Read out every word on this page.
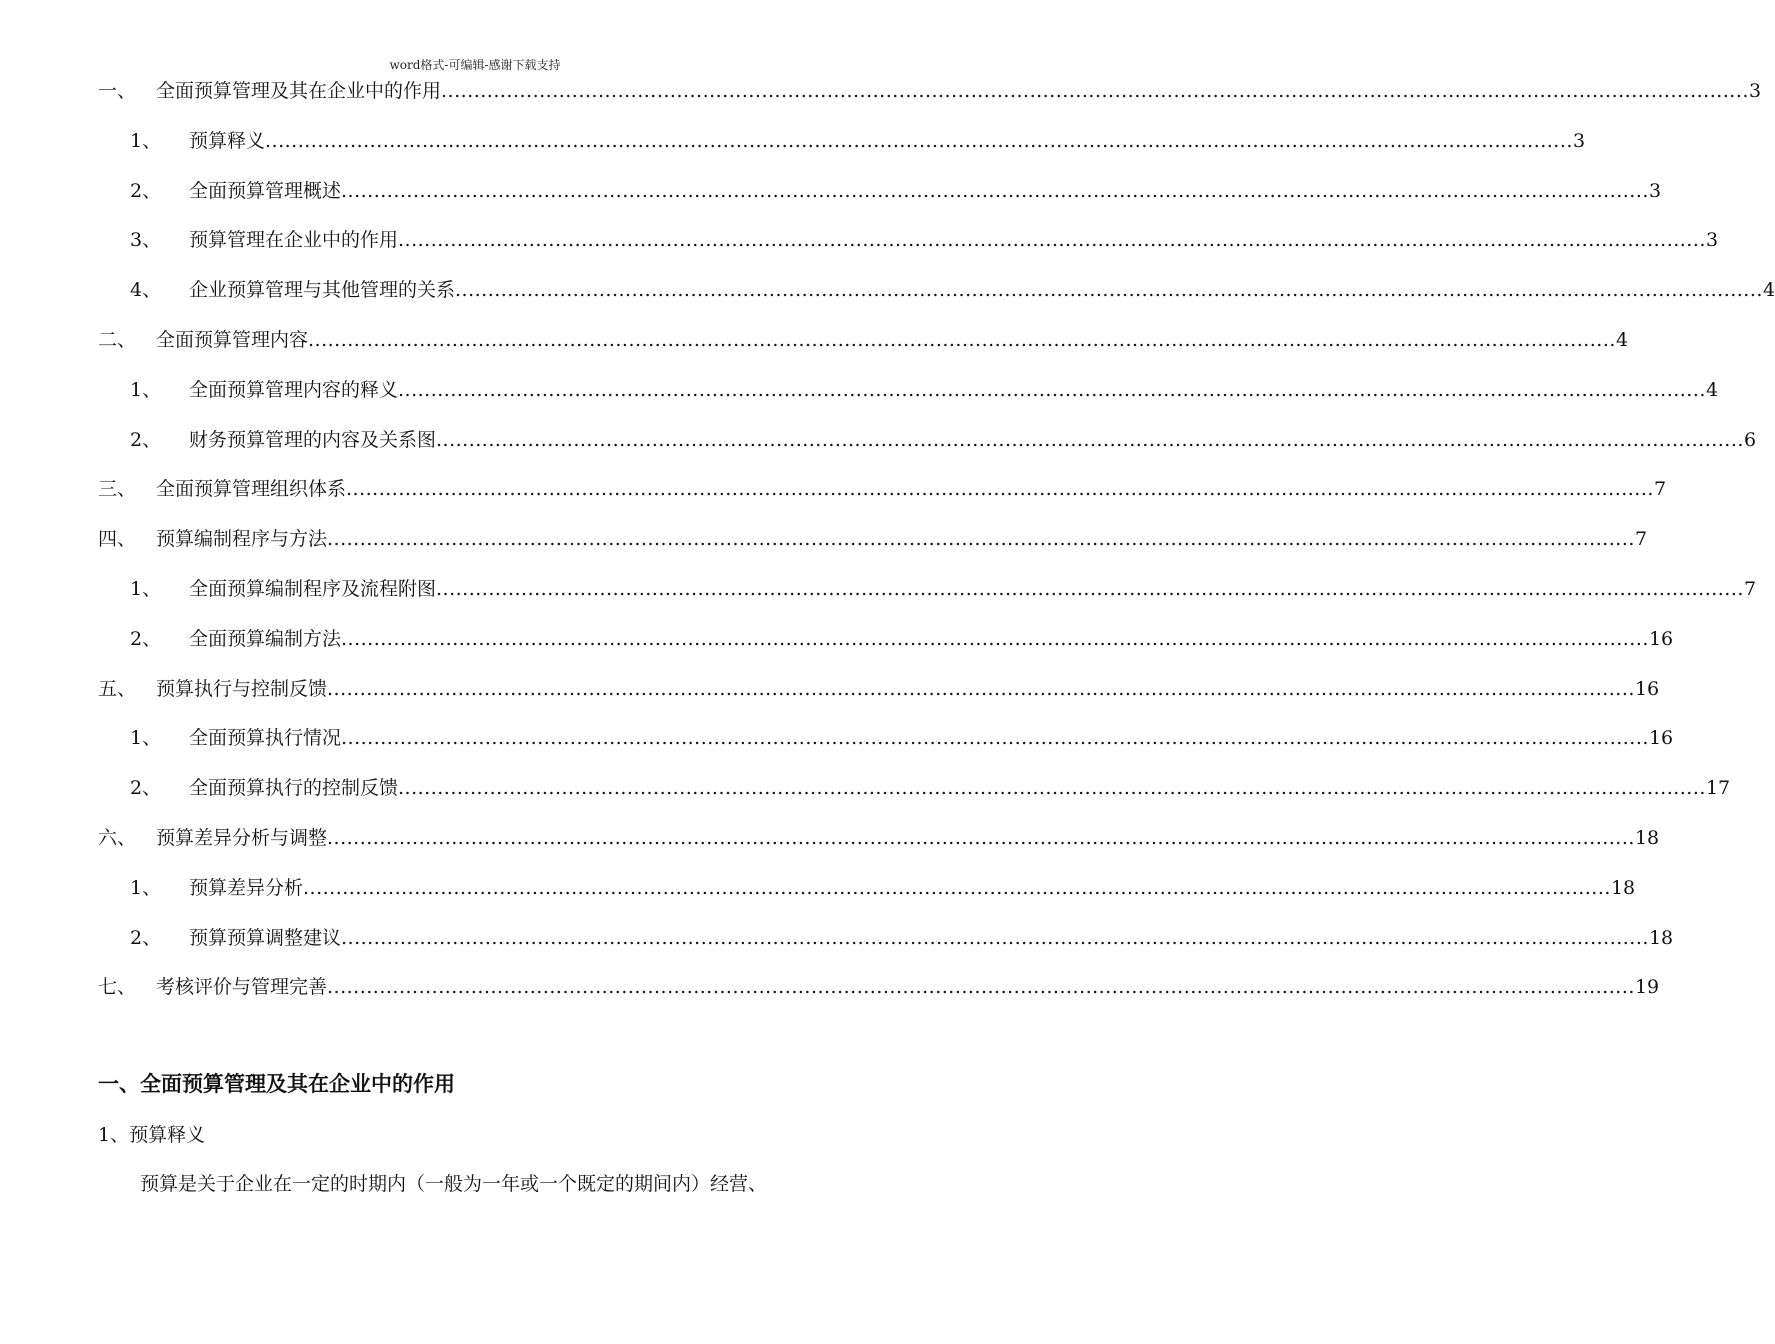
word格式-可编辑-感谢下载支持
一、	全面预算管理及其在企业中的作用 ........................................................................................................................................................................................................ 3
1、	预算释义 ........................................................................................................................................................................................................ 3
2、	全面预算管理概述 ........................................................................................................................................................................................................ 3
3、	预算管理在企业中的作用 ........................................................................................................................................................................................................ 3
4、	企业预算管理与其他管理的关系 ........................................................................................................................................................................................................ 4
二、	全面预算管理内容 ........................................................................................................................................................................................................ 4
1、	全面预算管理内容的释义 ........................................................................................................................................................................................................ 4
2、	财务预算管理的内容及关系图 ........................................................................................................................................................................................................ 6
三、	全面预算管理组织体系 ........................................................................................................................................................................................................ 7
四、	预算编制程序与方法 ........................................................................................................................................................................................................ 7
1、	全面预算编制程序及流程附图 ........................................................................................................................................................................................................ 7
2、	全面预算编制方法 ........................................................................................................................................................................................................ 16
五、	预算执行与控制反馈 ........................................................................................................................................................................................................ 16
1、	全面预算执行情况 ........................................................................................................................................................................................................ 16
2、	全面预算执行的控制反馈 ........................................................................................................................................................................................................ 17
六、	预算差异分析与调整 ........................................................................................................................................................................................................ 18
1、	预算差异分析 ........................................................................................................................................................................................................ 18
2、	预算预算调整建议 ........................................................................................................................................................................................................ 18
七、	考核评价与管理完善 ........................................................................................................................................................................................................ 19
一、全面预算管理及其在企业中的作用
1、预算释义
预算是关于企业在一定的时期内（一般为一年或一个既定的期间内）经营、
